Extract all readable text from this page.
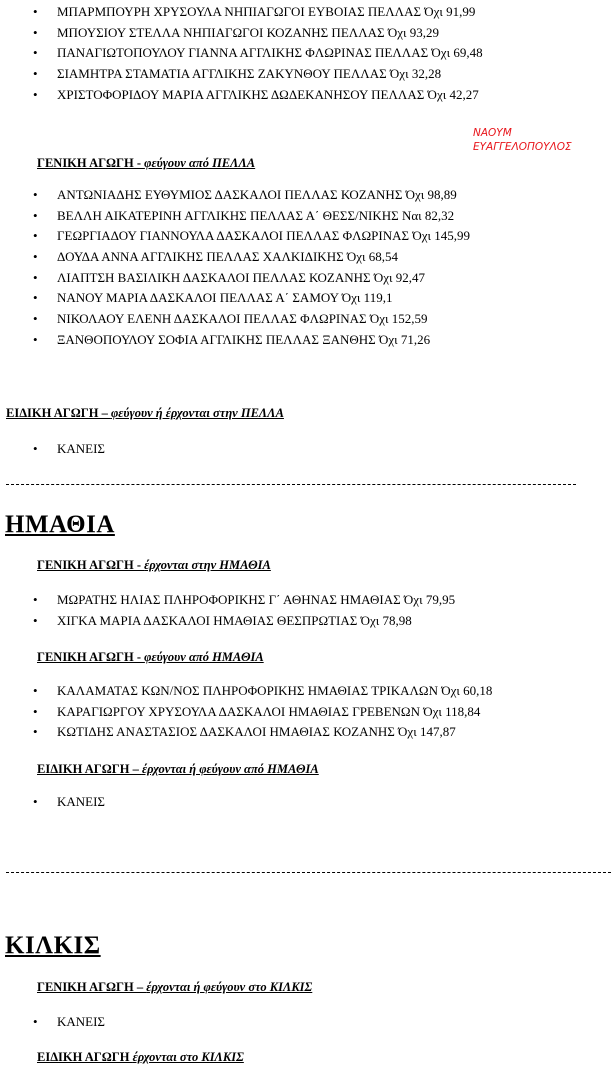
• ΜΠΑΡΜΠΟΥΡΗ ΧΡΥΣΟΥΛΑ ΝΗΠΙΑΓΩΓΟΙ ΕΥΒΟΙΑΣ ΠΕΛΛΑΣ Όχι 91,99
• ΜΠΟΥΣΙΟΥ ΣΤΕΛΛΑ ΝΗΠΙΑΓΩΓΟΙ ΚΟΖΑΝΗΣ ΠΕΛΛΑΣ Όχι 93,29
• ΠΑΝΑΓΙΩΤΟΠΟΥΛΟΥ ΓΙΑΝΝΑ ΑΓΓΛΙΚΗΣ ΦΛΩΡΙΝΑΣ ΠΕΛΛΑΣ Όχι 69,48
• ΣΙΑΜΗΤΡΑ ΣΤΑΜΑΤΙΑ ΑΓΓΛΙΚΗΣ ΖΑΚΥΝΘΟΥ ΠΕΛΛΑΣ Όχι 32,28
• ΧΡΙΣΤΟΦΟΡΙΔΟΥ ΜΑΡΙΑ ΑΓΓΛΙΚΗΣ ΔΩΔΕΚΑΝΗΣΟΥ ΠΕΛΛΑΣ Όχι 42,27
ΝΑΟΥΜ
ΕΥΑΓΓΕΛΟΠΟΥΛΟΣ
ΓΕΝΙΚΗ ΑΓΩΓΗ - φεύγουν από ΠΕΛΛΑ
• ΑΝΤΩΝΙΑΔΗΣ ΕΥΘΥΜΙΟΣ ΔΑΣΚΑΛΟΙ ΠΕΛΛΑΣ ΚΟΖΑΝΗΣ Όχι 98,89
• ΒΕΛΛΗ ΑΙΚΑΤΕΡΙΝΗ ΑΓΓΛΙΚΗΣ ΠΕΛΛΑΣ Α΄ ΘΕΣΣ/ΝΙΚΗΣ Ναι 82,32
• ΓΕΩΡΓΙΑΔΟΥ ΓΙΑΝΝΟΥΛΑ ΔΑΣΚΑΛΟΙ ΠΕΛΛΑΣ ΦΛΩΡΙΝΑΣ Όχι 145,99
• ΔΟΥΔΑ ΑΝΝΑ ΑΓΓΛΙΚΗΣ ΠΕΛΛΑΣ ΧΑΛΚΙΔΙΚΗΣ Όχι 68,54
• ΛΙΑΠΤΣΗ ΒΑΣΙΛΙΚΗ ΔΑΣΚΑΛΟΙ ΠΕΛΛΑΣ ΚΟΖΑΝΗΣ Όχι 92,47
• ΝΑΝΟΥ ΜΑΡΙΑ ΔΑΣΚΑΛΟΙ ΠΕΛΛΑΣ Α΄ ΣΑΜΟΥ Όχι 119,1
• ΝΙΚΟΛΑΟΥ ΕΛΕΝΗ ΔΑΣΚΑΛΟΙ ΠΕΛΛΑΣ ΦΛΩΡΙΝΑΣ Όχι 152,59
• ΞΑΝΘΟΠΟΥΛΟΥ ΣΟΦΙΑ ΑΓΓΛΙΚΗΣ ΠΕΛΛΑΣ ΞΑΝΘΗΣ Όχι 71,26
ΕΙΔΙΚΗ ΑΓΩΓΗ – φεύγουν ή έρχονται στην ΠΕΛΛΑ
• ΚΑΝΕΙΣ
ΗΜΑΘΙΑ
ΓΕΝΙΚΗ ΑΓΩΓΗ - έρχονται στην ΗΜΑΘΙΑ
• ΜΩΡΑΤΗΣ ΗΛΙΑΣ ΠΛΗΡΟΦΟΡΙΚΗΣ Γ΄ ΑΘΗΝΑΣ ΗΜΑΘΙΑΣ Όχι 79,95
• ΧΙΓΚΑ ΜΑΡΙΑ ΔΑΣΚΑΛΟΙ ΗΜΑΘΙΑΣ ΘΕΣΠΡΩΤΙΑΣ Όχι 78,98
ΓΕΝΙΚΗ ΑΓΩΓΗ - φεύγουν από ΗΜΑΘΙΑ
• ΚΑΛΑΜΑΤΑΣ ΚΩΝ/ΝΟΣ ΠΛΗΡΟΦΟΡΙΚΗΣ ΗΜΑΘΙΑΣ ΤΡΙΚΑΛΩΝ Όχι 60,18
• ΚΑΡΑΓΙΩΡΓΟΥ ΧΡΥΣΟΥΛΑ ΔΑΣΚΑΛΟΙ ΗΜΑΘΙΑΣ ΓΡΕΒΕΝΩΝ Όχι 118,84
• ΚΩΤΙΔΗΣ ΑΝΑΣΤΑΣΙΟΣ ΔΑΣΚΑΛΟΙ ΗΜΑΘΙΑΣ ΚΟΖΑΝΗΣ Όχι 147,87
ΕΙΔΙΚΗ ΑΓΩΓΗ – έρχονται ή φεύγουν από ΗΜΑΘΙΑ
• ΚΑΝΕΙΣ
ΚΙΛΚΙΣ
ΓΕΝΙΚΗ ΑΓΩΓΗ – έρχονται ή φεύγουν στο ΚΙΛΚΙΣ
• ΚΑΝΕΙΣ
ΕΙΔΙΚΗ ΑΓΩΓΗ έρχονται στο ΚΙΛΚΙΣ
